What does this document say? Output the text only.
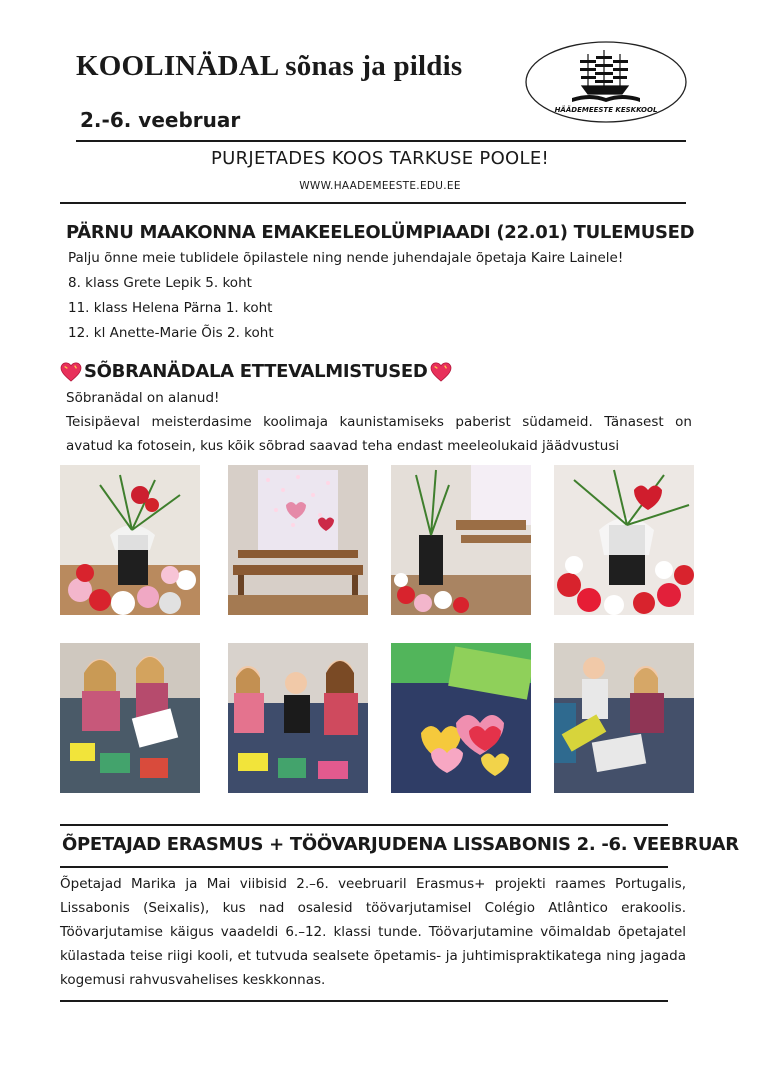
KOOLINÄDAL sõnas ja pildis
2.-6. veebruar	HÄÄDEMEESTE KESKKOOL
PURJETADES KOOS TARKUSE POOLE!
WWW.HAADEMEESTE.EDU.EE
PÄRNU MAAKONNA EMAKEELEOLÜMPIAADI (22.01) TULEMUSED
Palju õnne meie tublidele õpilastele ning nende juhendajale õpetaja Kaire Lainele!
8. klass Grete Lepik 5. koht
11. klass Helena Pärna 1. koht
12. kl Anette-Marie Õis 2. koht
SÕBRANÄDALA ETTEVALMISTUSED
Sõbranädal on alanud!
Teisipäeval meisterdasime koolimaja kaunistamiseks paberist südameid. Tänasest on avatud ka fotosein, kus kõik sõbrad saavad teha endast meeleolukaid jäädvustusi
ÕPETAJAD ERASMUS + TÖÖVARJUDENA LISSABONIS 2. -6. VEEBRUAR
Õpetajad Marika ja Mai viibisid 2.–6. veebruaril Erasmus+ projekti raames Portugalis, Lissabonis (Seixalis), kus nad osalesid töövarjutamisel Colégio Atlântico erakoolis. Töövarjutamise käigus vaadeldi 6.–12. klassi tunde. Töövarjutamine võimaldab õpetajatel külastada teise riigi kooli, et tutvuda sealsete õpetamis- ja juhtimispraktikatega ning jagada kogemusi rahvusvahelises keskkonnas.
